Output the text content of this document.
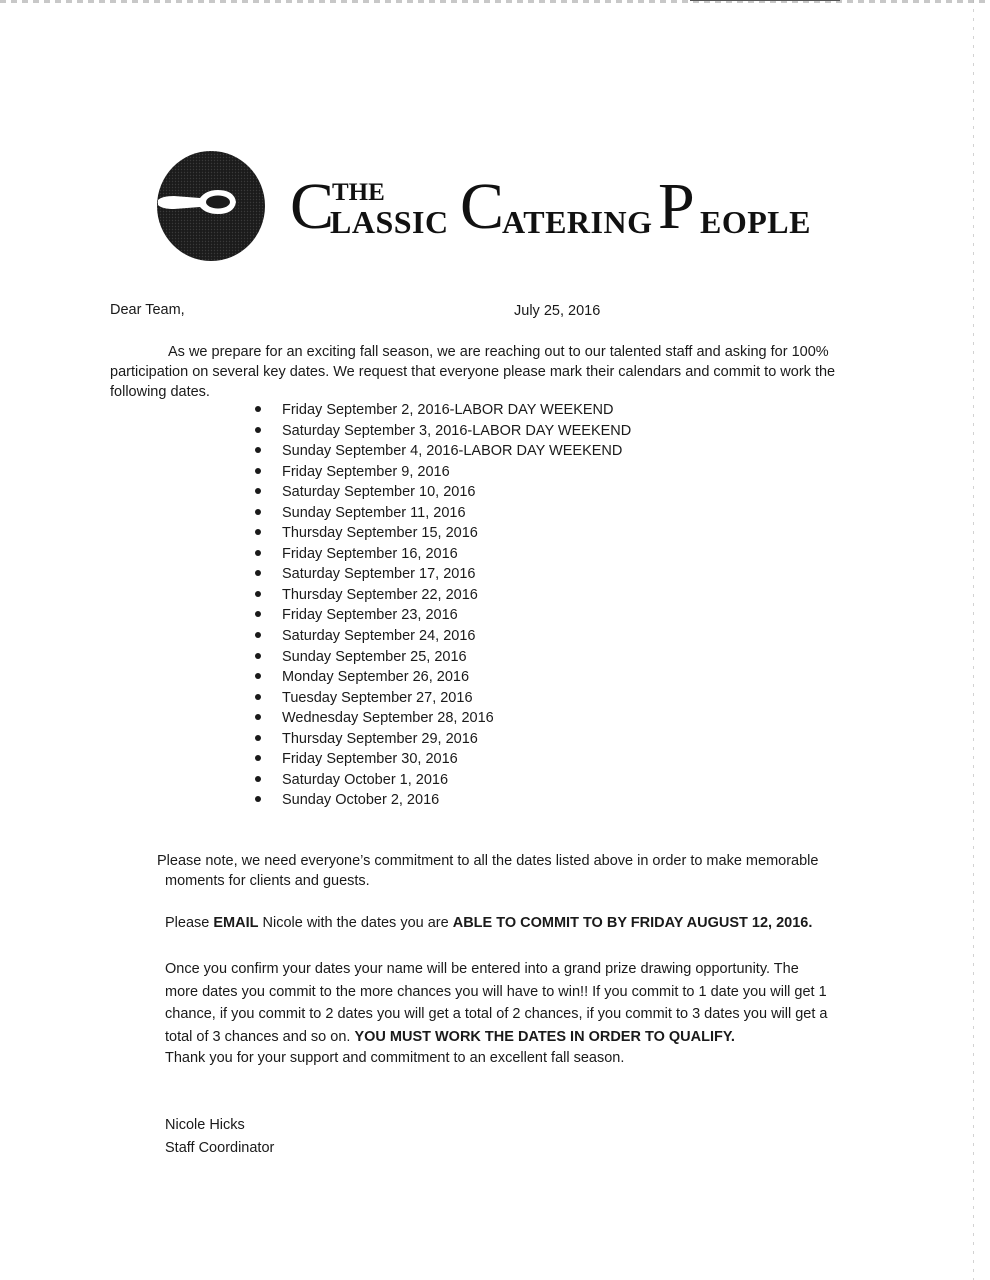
C
THE
LASSIC C
ATERING P EOPLE
Dear Team,	July 25, 2016
As we prepare for an exciting fall season, we are reaching out to our talented staff and asking for 100%
participation on several key dates. We request that everyone please mark their calendars and commit to work the
following dates.
Friday September 2, 2016-LABOR DAY WEEKEND
Saturday September 3, 2016-LABOR DAY WEEKEND
Sunday September 4, 2016-LABOR DAY WEEKEND
Friday September 9, 2016
Saturday September 10, 2016
Sunday September 11, 2016
Thursday September 15, 2016
Friday September 16, 2016
Saturday September 17, 2016
Thursday September 22, 2016
Friday September 23, 2016
Saturday September 24, 2016
Sunday September 25, 2016
Monday September 26, 2016
Tuesday September 27, 2016
Wednesday September 28, 2016
Thursday September 29, 2016
Friday September 30, 2016
Saturday October 1, 2016
Sunday October 2, 2016
Please note, we need everyone’s commitment to all the dates listed above in order to make memorable
moments for clients and guests.
Please EMAIL Nicole with the dates you are ABLE TO COMMIT TO BY FRIDAY AUGUST 12, 2016.
Once you confirm your dates your name will be entered into a grand prize drawing opportunity. The
more dates you commit to the more chances you will have to win!! If you commit to 1 date you will get 1
chance, if you commit to 2 dates you will get a total of 2 chances, if you commit to 3 dates you will get a
total of 3 chances and so on. YOU MUST WORK THE DATES IN ORDER TO QUALIFY.
Thank you for your support and commitment to an excellent fall season.
Nicole Hicks
Staff Coordinator
